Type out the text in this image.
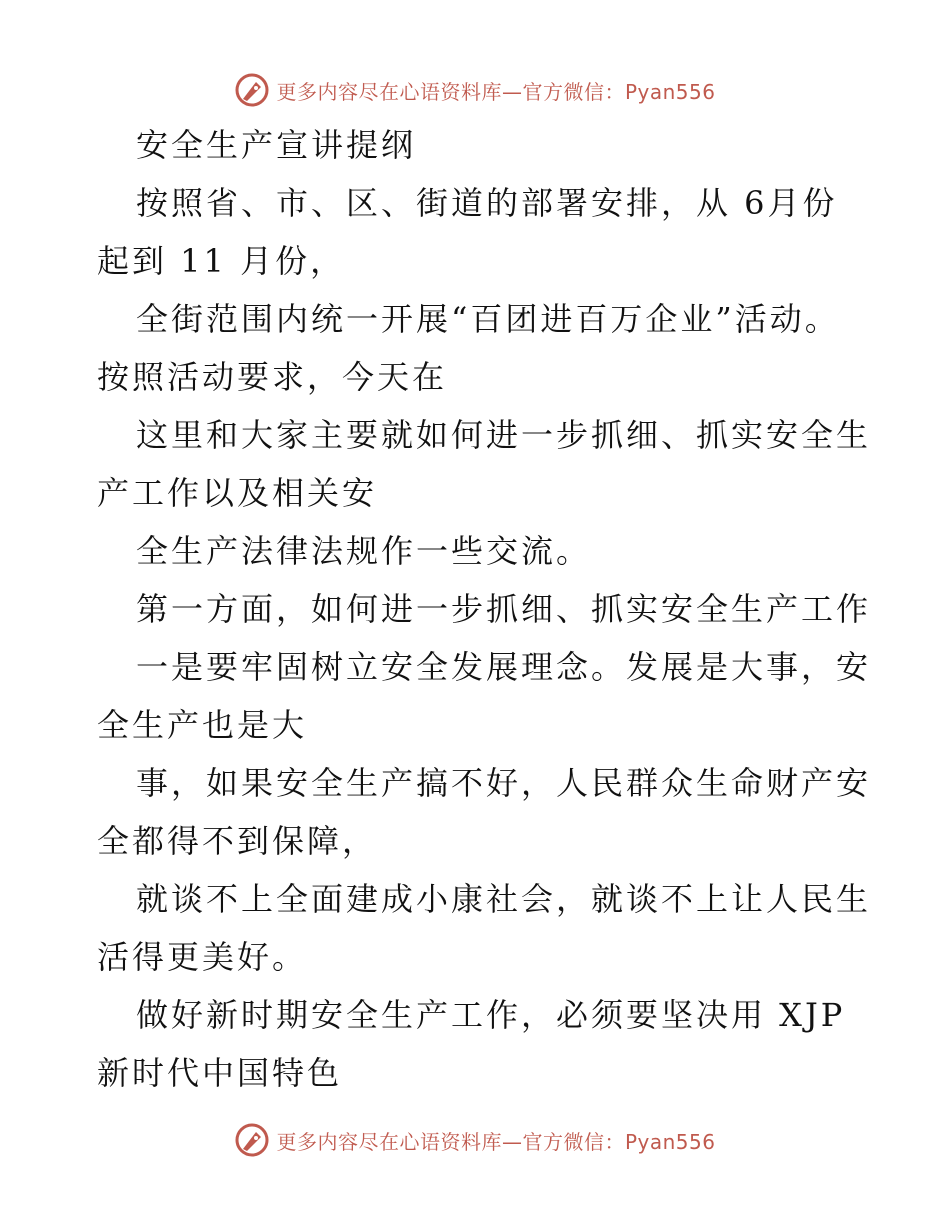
更多内容尽在心语资料库—官方微信：Pyan556
安全生产宣讲提纲
按照省、市、区、街道的部署安排，从 6月份
起到 11 月份，
全街范围内统一开展“百团进百万企业”活动。
按照活动要求，今天在
这里和大家主要就如何进一步抓细、抓实安全生
产工作以及相关安
全生产法律法规作一些交流。
第一方面，如何进一步抓细、抓实安全生产工作
一是要牢固树立安全发展理念。发展是大事，安
全生产也是大
事，如果安全生产搞不好，人民群众生命财产安
全都得不到保障，
就谈不上全面建成小康社会，就谈不上让人民生
活得更美好。
做好新时期安全生产工作，必须要坚决用 XJP
新时代中国特色
更多内容尽在心语资料库—官方微信：Pyan556
